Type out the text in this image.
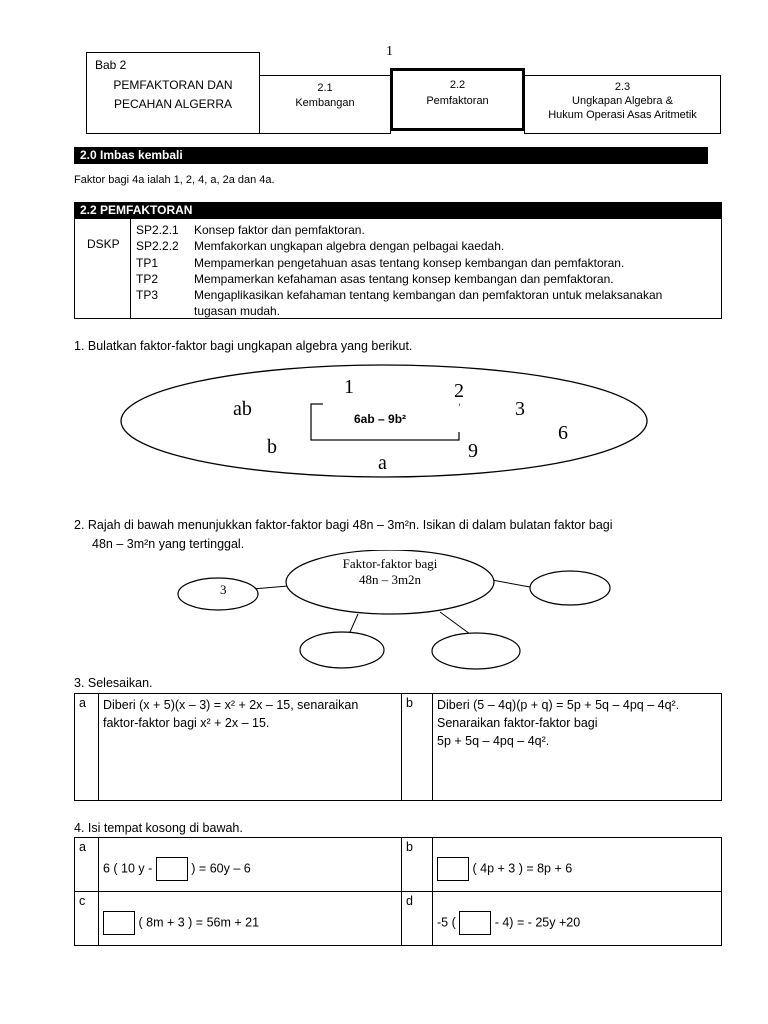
1
Bab 2
PEMFAKTORAN DAN
PECAHAN ALGERRA
2.1
Kembangan
2.2
Pemfaktoran
2.3
Ungkapan Algebra &
Hukum Operasi Asas Aritmetik
2.0 Imbas kembali
Faktor bagi 4a ialah 1, 2, 4, a, 2a dan 4a.
2.2 PEMFAKTORAN
DSKP
SP2.2.1 Konsep faktor dan pemfaktoran.
SP2.2.2 Memfakorkan ungkapan algebra dengan pelbagai kaedah.
TP1	Mempamerkan pengetahuan asas tentang konsep kembangan dan pemfaktoran.
TP2	Mempamerkan kefahaman asas tentang konsep kembangan dan pemfaktoran.
TP3	Mengaplikasikan kefahaman tentang kembangan dan pemfaktoran untuk melaksanakan
tugasan mudah.
1. Bulatkan faktor-faktor bagi ungkapan algebra yang berikut.
6ab – 9b²
ab
1	2
3
6
b
a
9
2. Rajah di bawah menunjukkan faktor-faktor bagi 48n – 3m²n. Isikan di dalam bulatan faktor bagi
48n – 3m²n yang tertinggal.
Faktor-faktor bagi
48n – 3m2n
3
3. Selesaikan.
a	Diberi (x + 5)(x – 3) = x² + 2x – 15, senaraikan
faktor-faktor bagi x² + 2x – 15.
	b	Diberi (5 – 4q)(p + q) = 5p + 5q – 4pq – 4q².
Senaraikan faktor-faktor bagi
5p + 5q – 4pq – 4q².
4. Isi tempat kosong di bawah.
a	6 ( 10 y - ) = 60y – 6	b	( 4p + 3 ) = 8p + 6
c	( 8m + 3 ) = 56m + 21	d	-5 ( - 4) = - 25y +20
